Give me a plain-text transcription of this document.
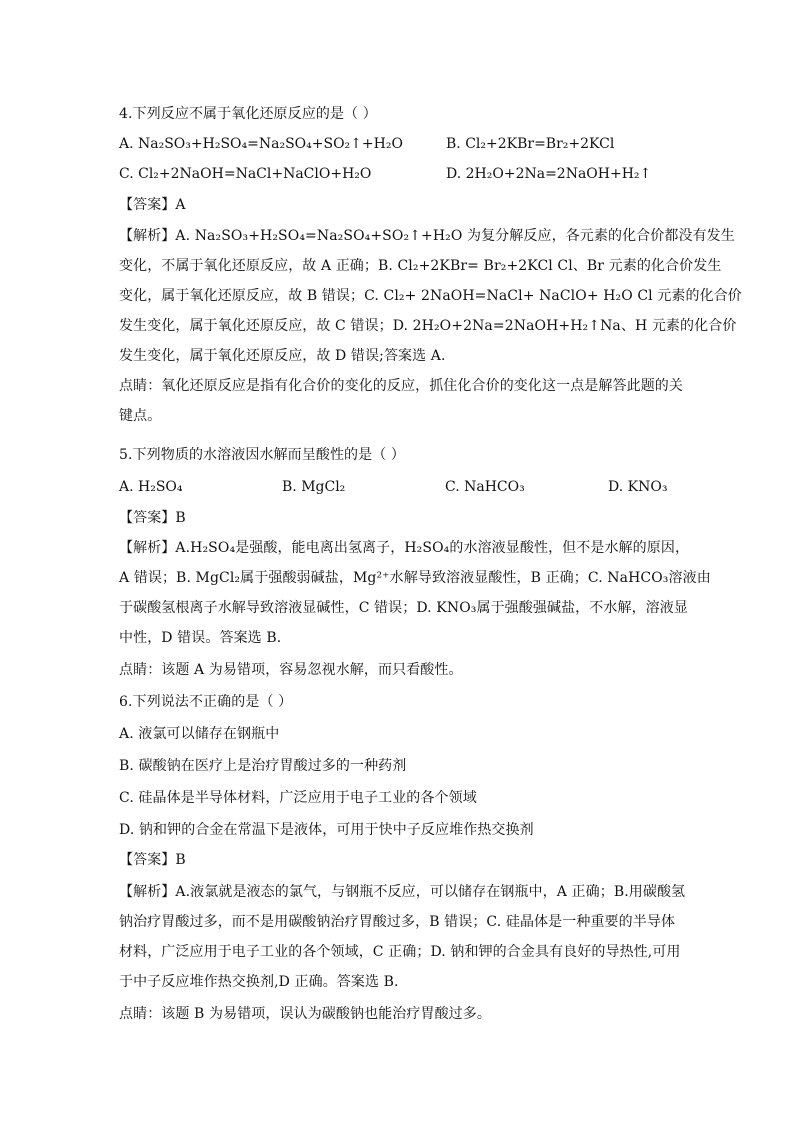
4.下列反应不属于氧化还原反应的是（ ）
A. Na₂SO₃+H₂SO₄=Na₂SO₄+SO₂↑+H₂O	B. Cl₂+2KBr=Br₂+2KCl
C. Cl₂+2NaOH=NaCl+NaClO+H₂O	D. 2H₂O+2Na=2NaOH+H₂↑
【答案】A
【解析】A. Na₂SO₃+H₂SO₄=Na₂SO₄+SO₂↑+H₂O 为复分解反应，各元素的化合价都没有发生
变化，不属于氧化还原反应，故 A 正确；B. Cl₂+2KBr= Br₂+2KCl Cl、Br 元素的化合价发生
变化，属于氧化还原反应，故 B 错误；C. Cl₂+ 2NaOH=NaCl+ NaClO+ H₂O Cl 元素的化合价
发生变化，属于氧化还原反应，故 C 错误；D. 2H₂O+2Na=2NaOH+H₂↑Na、H 元素的化合价
发生变化，属于氧化还原反应，故 D 错误;答案选 A.
点睛：氧化还原反应是指有化合价的变化的反应，抓住化合价的变化这一点是解答此题的关
键点。
5.下列物质的水溶液因水解而呈酸性的是（ ）
A. H₂SO₄	B. MgCl₂	C. NaHCO₃	D. KNO₃
【答案】B
【解析】A.H₂SO₄是强酸，能电离出氢离子，H₂SO₄的水溶液显酸性，但不是水解的原因，
A 错误；B. MgCl₂属于强酸弱碱盐，Mg²⁺水解导致溶液显酸性，B 正确；C. NaHCO₃溶液由
于碳酸氢根离子水解导致溶液显碱性，C 错误；D. KNO₃属于强酸强碱盐，不水解，溶液显
中性，D 错误。答案选 B.
点睛：该题 A 为易错项，容易忽视水解，而只看酸性。
6.下列说法不正确的是（ ）
A. 液氯可以储存在钢瓶中
B. 碳酸钠在医疗上是治疗胃酸过多的一种药剂
C. 硅晶体是半导体材料，广泛应用于电子工业的各个领域
D. 钠和钾的合金在常温下是液体，可用于快中子反应堆作热交换剂
【答案】B
【解析】A.液氯就是液态的氯气，与钢瓶不反应，可以储存在钢瓶中，A 正确；B.用碳酸氢
钠治疗胃酸过多，而不是用碳酸钠治疗胃酸过多，B 错误；C. 硅晶体是一种重要的半导体
材料，广泛应用于电子工业的各个领域，C 正确；D. 钠和钾的合金具有良好的导热性,可用
于中子反应堆作热交换剂,D 正确。答案选 B.
点睛：该题 B 为易错项，误认为碳酸钠也能治疗胃酸过多。
